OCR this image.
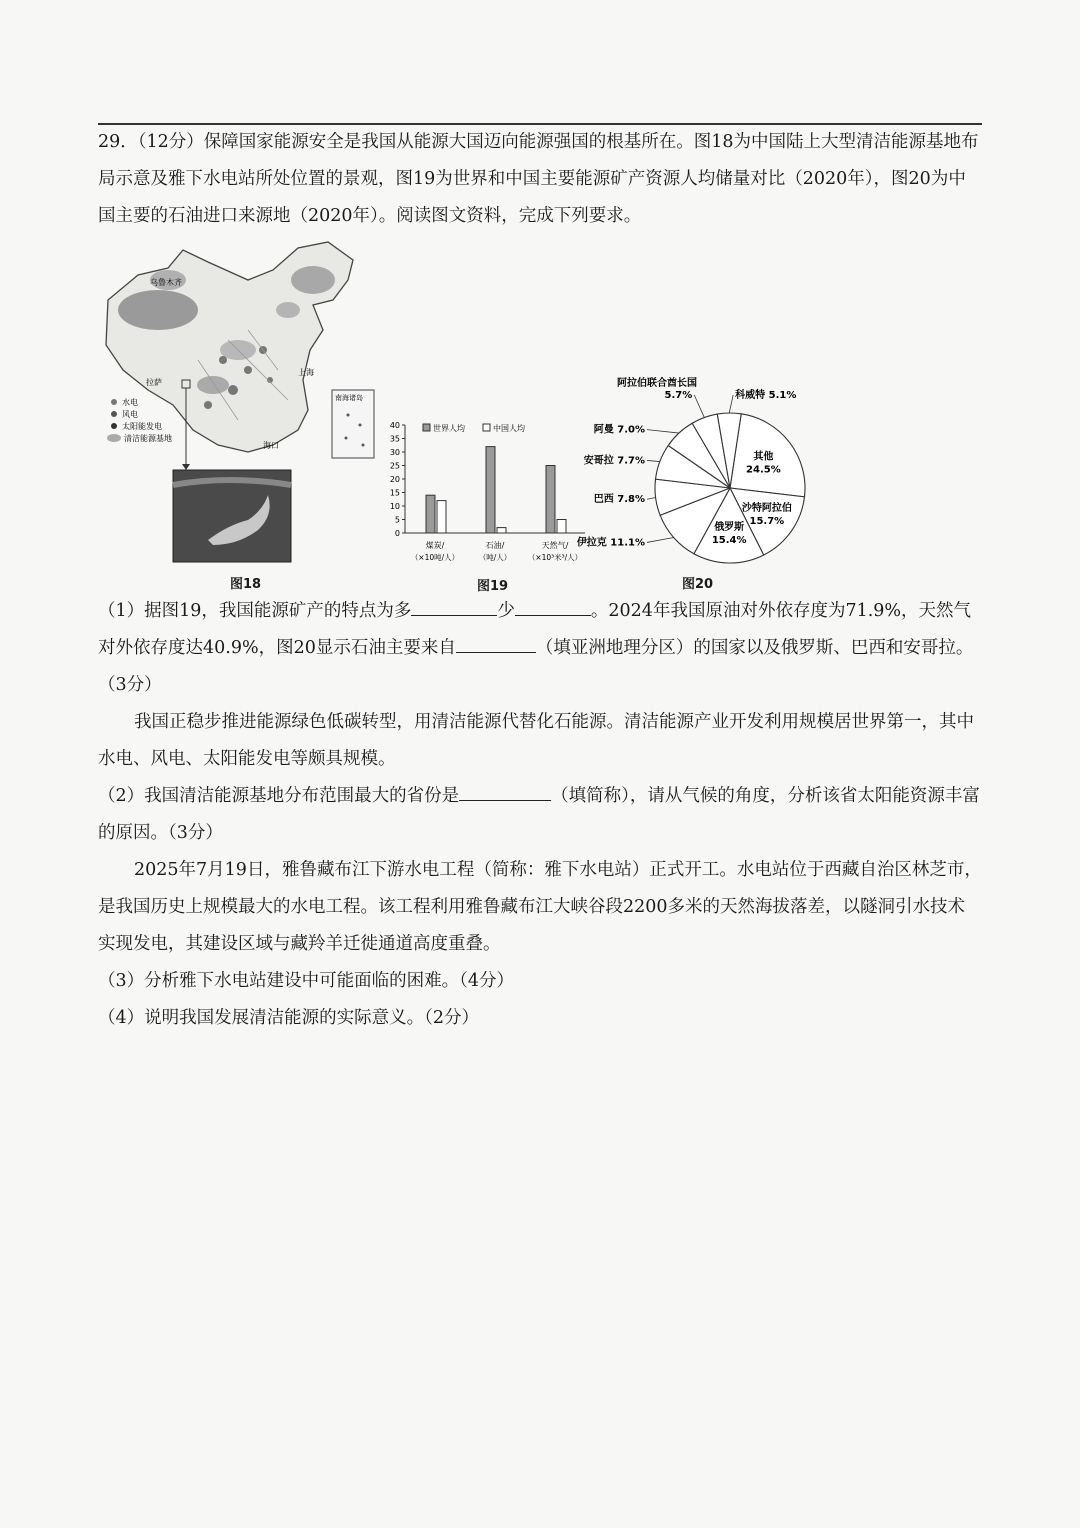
29．（12分）保障国家能源安全是我国从能源大国迈向能源强国的根基所在。图18为中国陆上大型清洁能源基地布局示意及雅下水电站所处位置的景观，图19为世界和中国主要能源矿产资源人均储量对比（2020年），图20为中国主要的石油进口来源地（2020年）。阅读图文资料，完成下列要求。

乌鲁木齐
拉萨
上海
海口
水电
风电
太阳能发电
清洁能源基地
南海诸岛
图18
0
5
10
15
20
25
30
35
40
煤炭/
（×10吨/人）
石油/
（吨/人）
天然气/
（×10³米³/人）
世界人均	中国人均
图19
其他
24.5%
沙特阿拉伯
15.7%
俄罗斯
15.4%
伊拉克 11.1%
巴西 7.8%
安哥拉 7.7%
阿曼 7.0%
5.7%	科威特 5.1%
阿拉伯联合酋长国
图20

（1）据图19，我国能源矿产的特点为多	少	。2024年我国原油对外依存度为71.9%，天然气对外依存度达40.9%，图20显示石油主要来自	（填亚洲地理分区）的国家以及俄罗斯、巴西和安哥拉。（3分）

我国正稳步推进能源绿色低碳转型，用清洁能源代替化石能源。清洁能源产业开发利用规模居世界第一，其中水电、风电、太阳能发电等颇具规模。

（2）我国清洁能源基地分布范围最大的省份是	（填简称），请从气候的角度，分析该省太阳能资源丰富的原因。（3分）

2025年7月19日，雅鲁藏布江下游水电工程（简称：雅下水电站）正式开工。水电站位于西藏自治区林芝市，是我国历史上规模最大的水电工程。该工程利用雅鲁藏布江大峡谷段2200多米的天然海拔落差，以隧洞引水技术实现发电，其建设区域与藏羚羊迁徙通道高度重叠。

（3）分析雅下水电站建设中可能面临的困难。（4分）

（4）说明我国发展清洁能源的实际意义。（2分）
